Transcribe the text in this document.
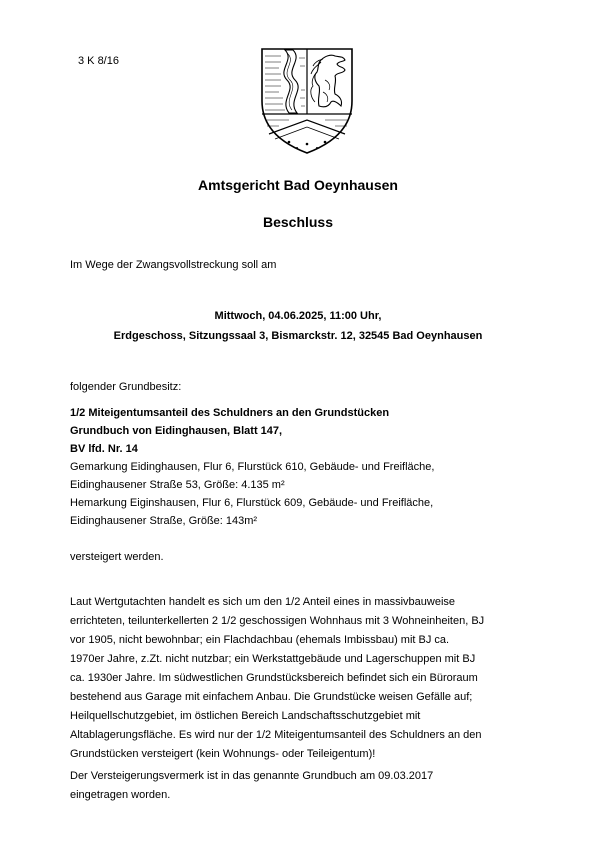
3 K 8/16
Amtsgericht Bad Oeynhausen
Beschluss
Im Wege der Zwangsvollstreckung soll am
Mittwoch, 04.06.2025, 11:00 Uhr,
Erdgeschoss, Sitzungssaal 3, Bismarckstr. 12, 32545 Bad Oeynhausen
folgender Grundbesitz:
1/2 Miteigentumsanteil des Schuldners an den Grundstücken
Grundbuch von Eidinghausen, Blatt 147,
BV lfd. Nr. 14
Gemarkung Eidinghausen, Flur 6, Flurstück 610, Gebäude- und Freifläche,
Eidinghausener Straße 53, Größe: 4.135 m²
Hemarkung Eiginshausen, Flur 6, Flurstück 609, Gebäude- und Freifläche,
Eidinghausener Straße, Größe: 143m²
versteigert werden.
Laut Wertgutachten handelt es sich um den 1/2 Anteil eines in massivbauweise
errichteten, teilunterkellerten 2 1/2 geschossigen Wohnhaus mit 3 Wohneinheiten, BJ
vor 1905, nicht bewohnbar; ein Flachdachbau (ehemals Imbissbau) mit BJ ca.
1970er Jahre, z.Zt. nicht nutzbar; ein Werkstattgebäude und Lagerschuppen mit BJ
ca. 1930er Jahre. Im südwestlichen Grundstücksbereich befindet sich ein Büroraum
bestehend aus Garage mit einfachem Anbau. Die Grundstücke weisen Gefälle auf;
Heilquellschutzgebiet, im östlichen Bereich Landschaftsschutzgebiet mit
Altablagerungsfläche. Es wird nur der 1/2 Miteigentumsanteil des Schuldners an den
Grundstücken versteigert (kein Wohnungs- oder Teileigentum)!
Der Versteigerungsvermerk ist in das genannte Grundbuch am 09.03.2017
eingetragen worden.
